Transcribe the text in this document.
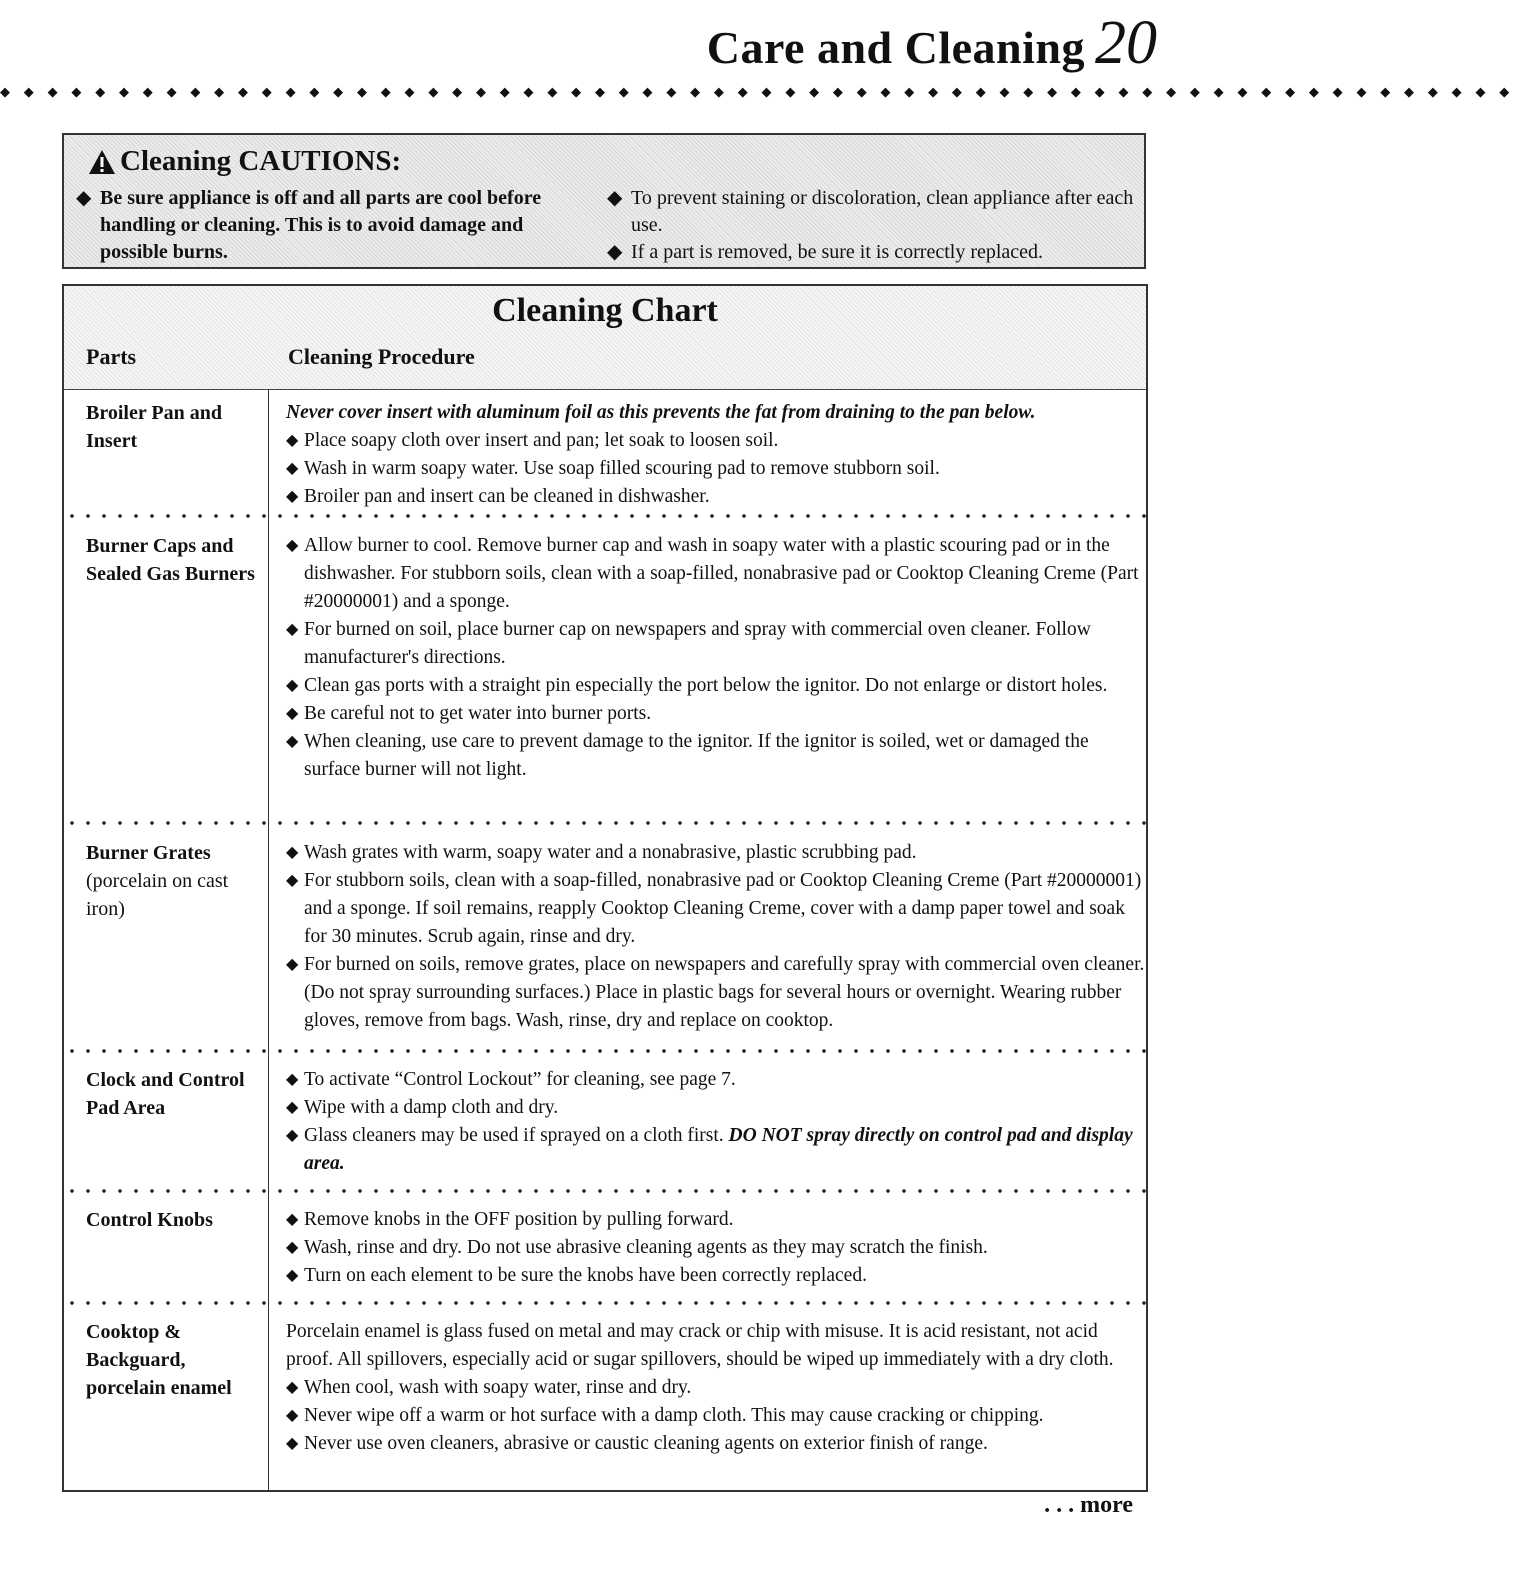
Care and Cleaning 20
◆◆◆◆◆◆◆◆◆◆◆◆◆◆◆◆◆◆◆◆◆◆◆◆◆◆◆◆◆◆◆◆◆◆◆◆◆◆◆◆◆◆◆◆◆◆◆◆◆◆◆◆◆◆◆◆◆◆◆◆◆◆◆◆
Cleaning CAUTIONS:
◆ Be sure appliance is off and all parts are cool before handling or cleaning. This is to avoid damage and possible burns.
◆ To prevent staining or discoloration, clean appliance after each use.
◆ If a part is removed, be sure it is correctly replaced.
Cleaning Chart
Parts	Cleaning Procedure
Broiler Pan and Insert
Never cover insert with aluminum foil as this prevents the fat from draining to the pan below.
◆ Place soapy cloth over insert and pan; let soak to loosen soil.
◆ Wash in warm soapy water. Use soap filled scouring pad to remove stubborn soil.
◆ Broiler pan and insert can be cleaned in dishwasher.
Burner Caps and Sealed Gas Burners
◆ Allow burner to cool. Remove burner cap and wash in soapy water with a plastic scouring pad or in the dishwasher. For stubborn soils, clean with a soap-filled, nonabrasive pad or Cooktop Cleaning Creme (Part #20000001) and a sponge.
◆ For burned on soil, place burner cap on newspapers and spray with commercial oven cleaner. Follow manufacturer's directions.
◆ Clean gas ports with a straight pin especially the port below the ignitor. Do not enlarge or distort holes.
◆ Be careful not to get water into burner ports.
◆ When cleaning, use care to prevent damage to the ignitor. If the ignitor is soiled, wet or damaged the surface burner will not light.
Burner Grates
(porcelain on cast iron)
◆ Wash grates with warm, soapy water and a nonabrasive, plastic scrubbing pad.
◆ For stubborn soils, clean with a soap-filled, nonabrasive pad or Cooktop Cleaning Creme (Part #20000001) and a sponge. If soil remains, reapply Cooktop Cleaning Creme, cover with a damp paper towel and soak for 30 minutes. Scrub again, rinse and dry.
◆ For burned on soils, remove grates, place on newspapers and carefully spray with commercial oven cleaner. (Do not spray surrounding surfaces.) Place in plastic bags for several hours or overnight. Wearing rubber gloves, remove from bags. Wash, rinse, dry and replace on cooktop.
Clock and Control Pad Area
◆ To activate “Control Lockout” for cleaning, see page 7.
◆ Wipe with a damp cloth and dry.
◆ Glass cleaners may be used if sprayed on a cloth first. DO NOT spray directly on control pad and display area.
Control Knobs	◆ Remove knobs in the OFF position by pulling forward.
◆ Wash, rinse and dry. Do not use abrasive cleaning agents as they may scratch the finish.
◆ Turn on each element to be sure the knobs have been correctly replaced.
Cooktop & Backguard, porcelain enamel
Porcelain enamel is glass fused on metal and may crack or chip with misuse. It is acid resistant, not acid proof. All spillovers, especially acid or sugar spillovers, should be wiped up immediately with a dry cloth.
◆ When cool, wash with soapy water, rinse and dry.
◆ Never wipe off a warm or hot surface with a damp cloth. This may cause cracking or chipping.
◆ Never use oven cleaners, abrasive or caustic cleaning agents on exterior finish of range.
. . . more
